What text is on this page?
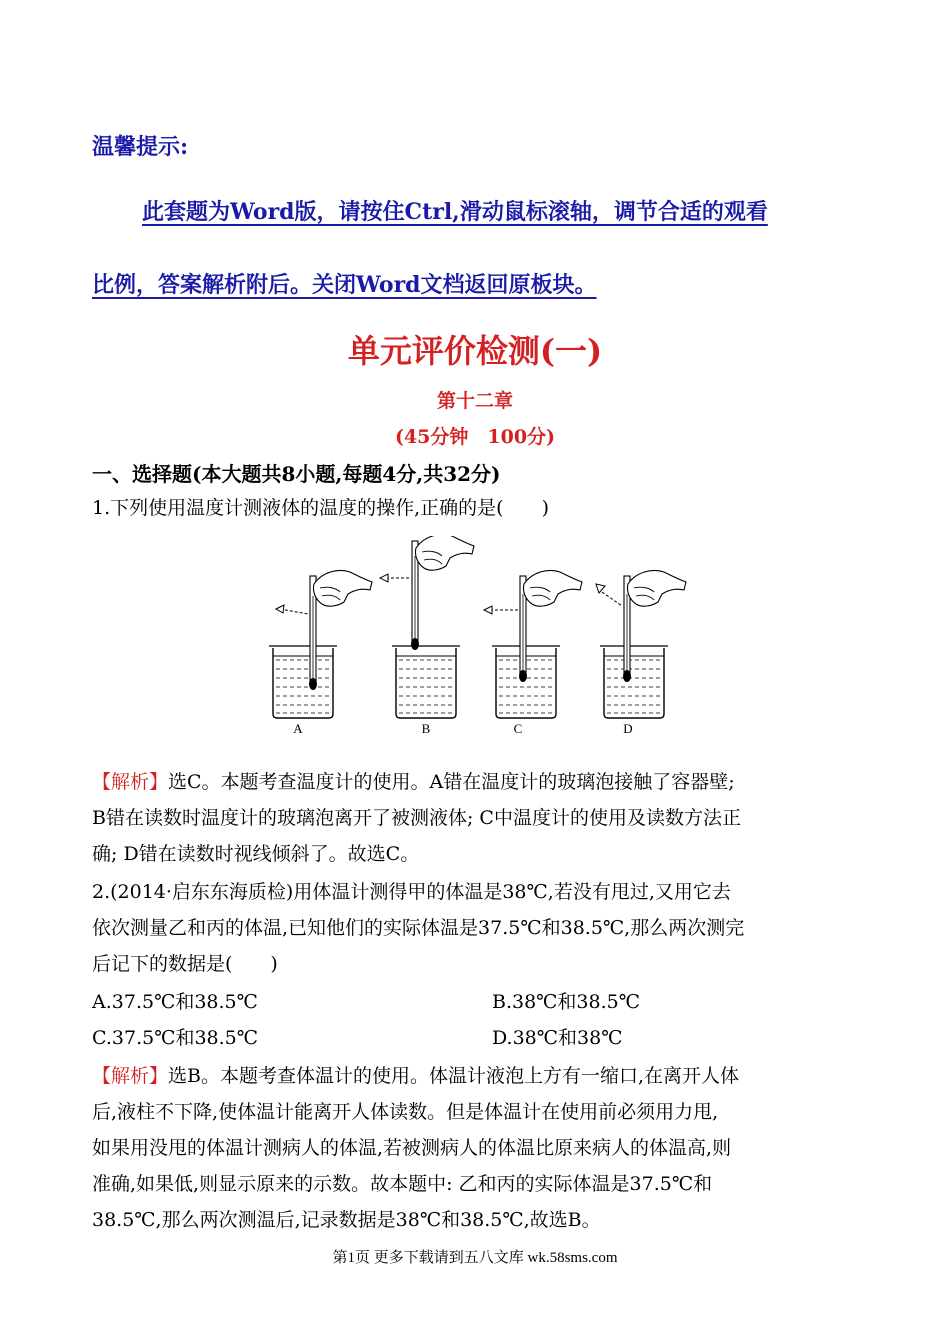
温馨提示:
此套题为Word版，请按住Ctrl,滑动鼠标滚轴，调节合适的观看
比例，答案解析附后。关闭Word文档返回原板块。
单元评价检测(一)
第十二章
(45分钟　100分)
一、选择题(本大题共8小题,每题4分,共32分)
1.下列使用温度计测液体的温度的操作,正确的是(　　)
A	B	C	D
【解析】选C。本题考查温度计的使用。A错在温度计的玻璃泡接触了容器壁;
B错在读数时温度计的玻璃泡离开了被测液体; C中温度计的使用及读数方法正
确; D错在读数时视线倾斜了。故选C。
2.(2014·启东东海质检)用体温计测得甲的体温是38℃,若没有甩过,又用它去
依次测量乙和丙的体温,已知他们的实际体温是37.5℃和38.5℃,那么两次测完
后记下的数据是(　　)
A.37.5℃和38.5℃	B.38℃和38.5℃
C.37.5℃和38.5℃	D.38℃和38℃
【解析】选B。本题考查体温计的使用。体温计液泡上方有一缩口,在离开人体
后,液柱不下降,使体温计能离开人体读数。但是体温计在使用前必须用力甩,
如果用没甩的体温计测病人的体温,若被测病人的体温比原来病人的体温高,则
准确,如果低,则显示原来的示数。故本题中: 乙和丙的实际体温是37.5℃和
38.5℃,那么两次测温后,记录数据是38℃和38.5℃,故选B。
第1页 更多下载请到五八文库 wk.58sms.com
